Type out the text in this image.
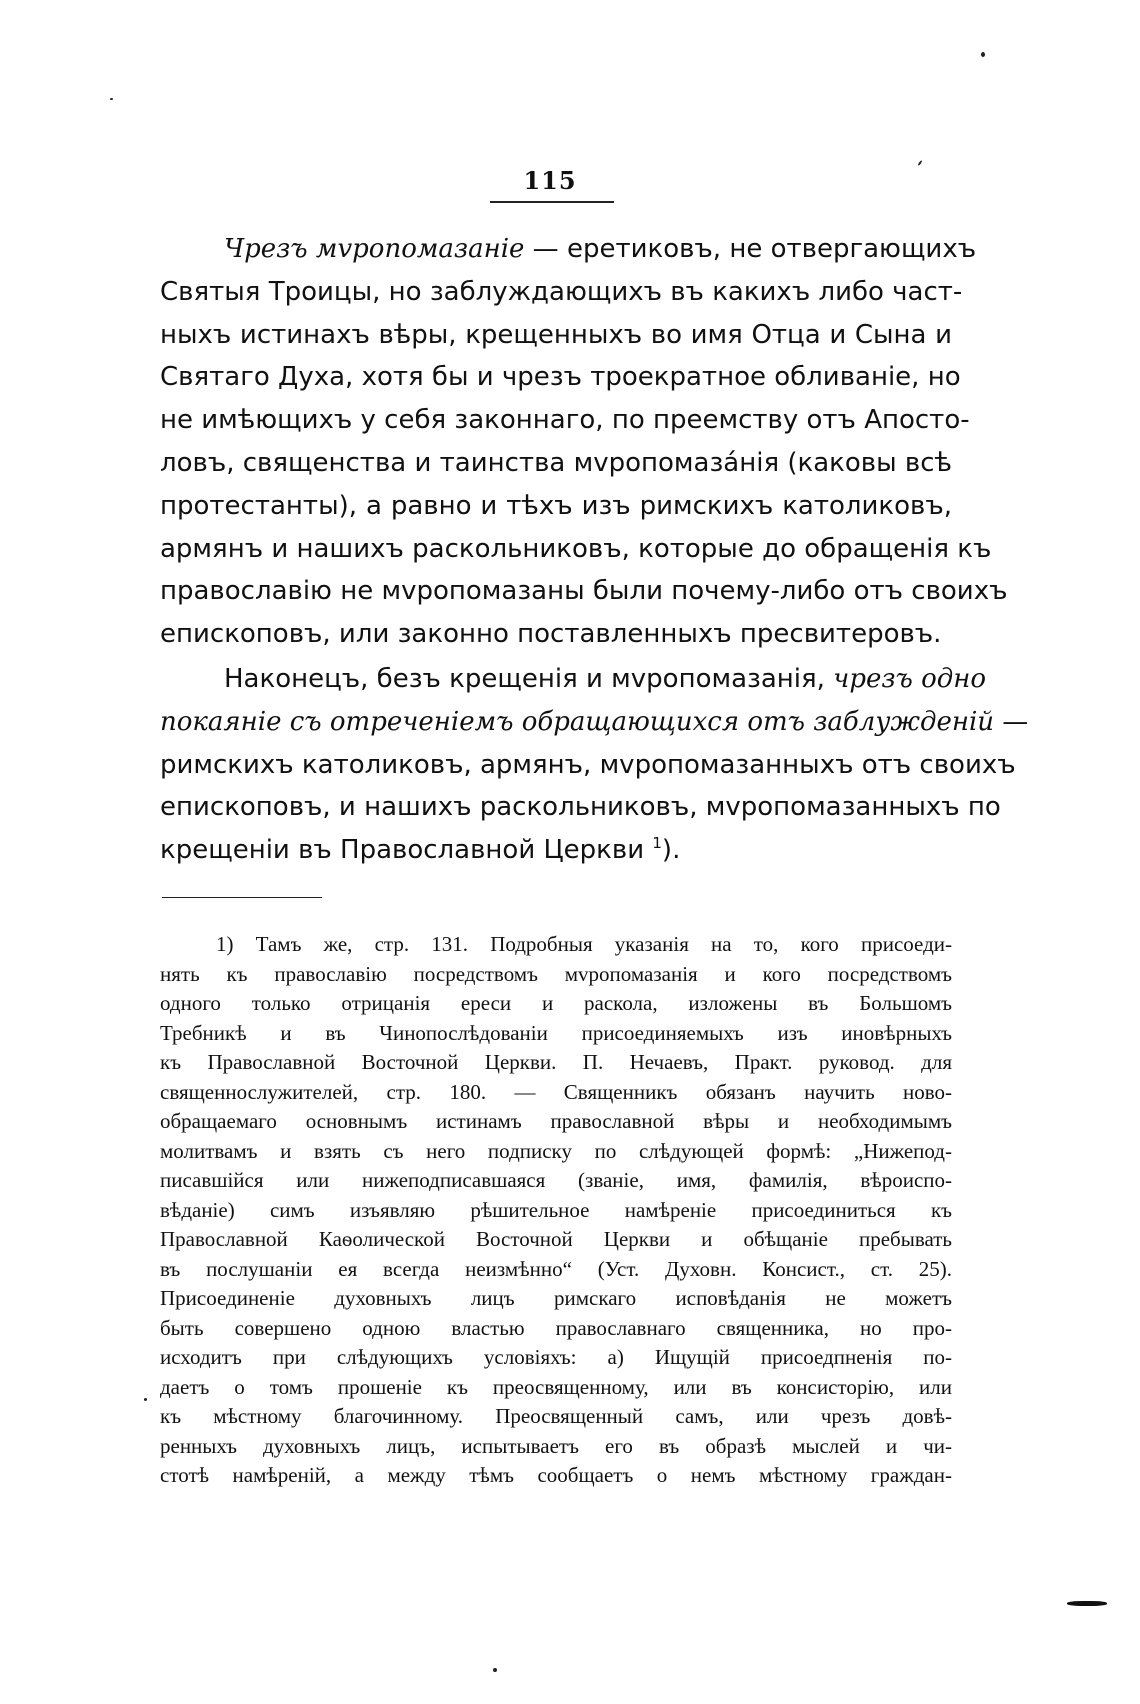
115

Чрезъ мvропомазаніе — еретиковъ, не отвергающихъ
Святыя Троицы, но заблуждающихъ въ какихъ либо част-
ныхъ истинахъ вѣры, крещенныхъ во имя Отца и Сына и
Святаго Духа, хотя бы и чрезъ троекратное обливаніе, но
не имѣющихъ у себя законнаго, по преемству отъ Апосто-
ловъ, священства и таинства мvропомазáнія (каковы всѣ
протестанты), а равно и тѣхъ изъ римскихъ католиковъ,
армянъ и нашихъ раскольниковъ, которые до обращенія къ
православію не мvропомазаны были почему-либо отъ своихъ
епископовъ, или законно поставленныхъ пресвитеровъ.

Наконецъ, безъ крещенія и мvропомазанія, чрезъ одно
покаяніе съ отреченіемъ обращающихся отъ заблужденій —
римскихъ католиковъ, армянъ, мvропомазанныхъ отъ своихъ
епископовъ, и нашихъ раскольниковъ, мvропомазанныхъ по
крещеніи въ Православной Церкви $^1$).

1) Тамъ же, стр. 131. Подробныя указанія на то, кого присоеди-
нять къ православію посредствомъ мvропомазанія и кого посредствомъ
одного только отрицанія ереси и раскола, изложены въ Большомъ
Требникѣ и въ Чинопослѣдованіи присоединяемыхъ изъ иновѣрныхъ
къ Православной Восточной Церкви. П. Нечаевъ, Практ. руковод. для
священнослужителей, стр. 180. — Священникъ обязанъ научить ново-
обращаемаго основнымъ истинамъ православной вѣры и необходимымъ
молитвамъ и взять съ него подписку по слѣдующей формѣ: „Нижепод-
писавшійся или нижеподписавшаяся (званіе, имя, фамилія, вѣроиспо-
вѣданіе) симъ изъявляю рѣшительное намѣреніе присоединиться къ
Православной Каѳолической Восточной Церкви и обѣщаніе пребывать
въ послушаніи ея всегда неизмѣнно“ (Уст. Духовн. Консист., ст. 25).
Присоединеніе духовныхъ лицъ римскаго исповѣданія не можетъ
быть совершено одною властью православнаго священника, но про-
исходитъ при слѣдующихъ условіяхъ: а) Ищущій присоедпненія по-
даетъ о томъ прошеніе къ преосвященному, или въ консисторію, или
къ мѣстному благочинному. Преосвященный самъ, или чрезъ довѣ-
ренныхъ духовныхъ лицъ, испытываетъ его въ образѣ мыслей и чи-
стотѣ намѣреній, а между тѣмъ сообщаетъ о немъ мѣстному граждан-
